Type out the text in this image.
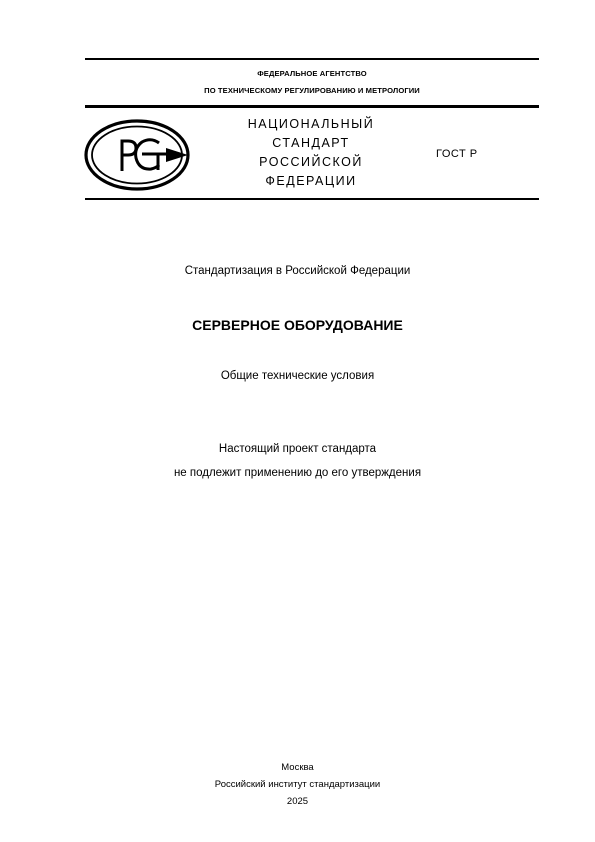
ФЕДЕРАЛЬНОЕ АГЕНТСТВО
ПО ТЕХНИЧЕСКОМУ РЕГУЛИРОВАНИЮ И МЕТРОЛОГИИ
НАЦИОНАЛЬНЫЙ
СТАНДАРТ
РОССИЙСКОЙ
ФЕДЕРАЦИИ
ГОСТ Р
Стандартизация в Российской Федерации
СЕРВЕРНОЕ ОБОРУДОВАНИЕ
Общие технические условия
Настоящий проект стандарта
не подлежит применению до его утверждения
Москва
Российский институт стандартизации
2025
